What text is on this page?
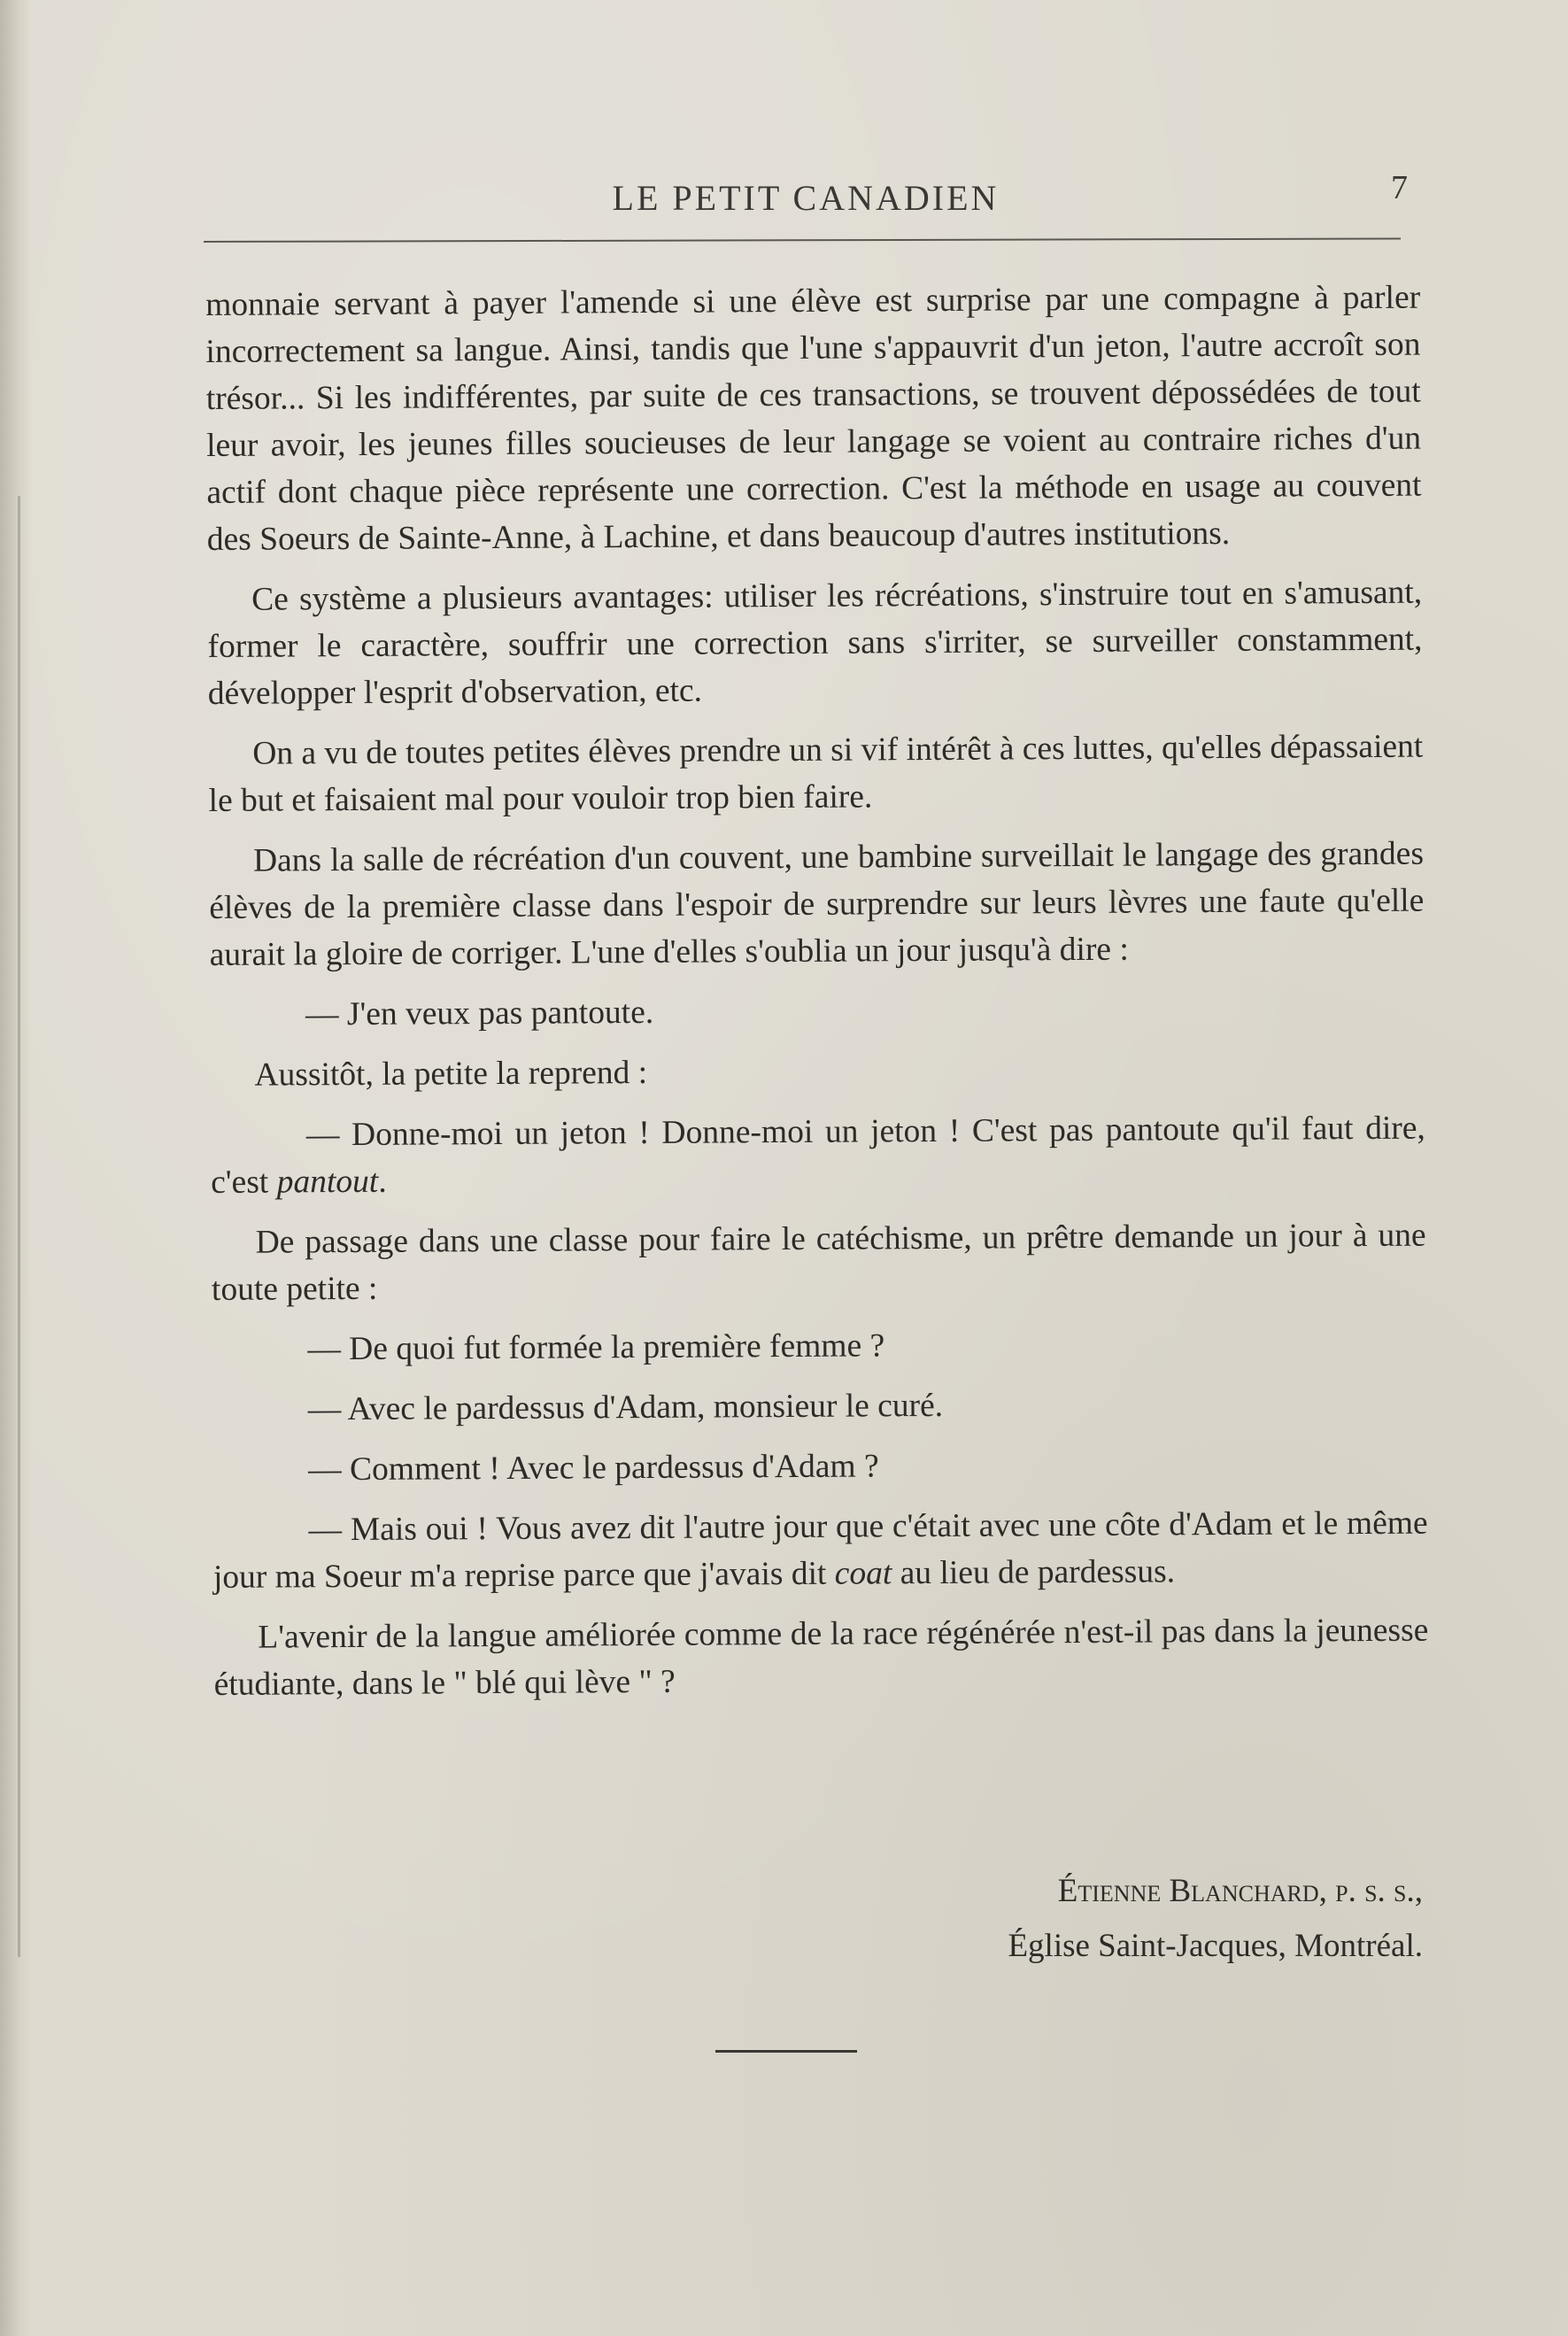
LE PETIT CANADIEN	7

monnaie servant à payer l'amende si une élève est surprise par une compagne à parler incorrectement sa langue. Ainsi, tandis que l'une s'appauvrit d'un jeton, l'autre accroît son trésor... Si les indifférentes, par suite de ces transactions, se trouvent dépossédées de tout leur avoir, les jeunes filles soucieuses de leur langage se voient au contraire riches d'un actif dont chaque pièce représente une correction. C'est la méthode en usage au couvent des Soeurs de Sainte-Anne, à Lachine, et dans beaucoup d'autres institutions.

Ce système a plusieurs avantages: utiliser les récréations, s'instruire tout en s'amusant, former le caractère, souffrir une correction sans s'irriter, se surveiller constamment, développer l'esprit d'observation, etc.

On a vu de toutes petites élèves prendre un si vif intérêt à ces luttes, qu'elles dépassaient le but et faisaient mal pour vouloir trop bien faire.

Dans la salle de récréation d'un couvent, une bambine surveillait le langage des grandes élèves de la première classe dans l'espoir de surprendre sur leurs lèvres une faute qu'elle aurait la gloire de corriger. L'une d'elles s'oublia un jour jusqu'à dire :

— J'en veux pas pantoute.

Aussitôt, la petite la reprend :

— Donne-moi un jeton ! Donne-moi un jeton ! C'est pas pantoute qu'il faut dire, c'est pantout.

De passage dans une classe pour faire le catéchisme, un prêtre demande un jour à une toute petite :

— De quoi fut formée la première femme ?

— Avec le pardessus d'Adam, monsieur le curé.

— Comment ! Avec le pardessus d'Adam ?

— Mais oui ! Vous avez dit l'autre jour que c'était avec une côte d'Adam et le même jour ma Soeur m'a reprise parce que j'avais dit coat au lieu de pardessus.

L'avenir de la langue améliorée comme de la race régénérée n'est-il pas dans la jeunesse étudiante, dans le " blé qui lève " ?

Étienne Blanchard, p. s. s.,
Église Saint-Jacques, Montréal.
